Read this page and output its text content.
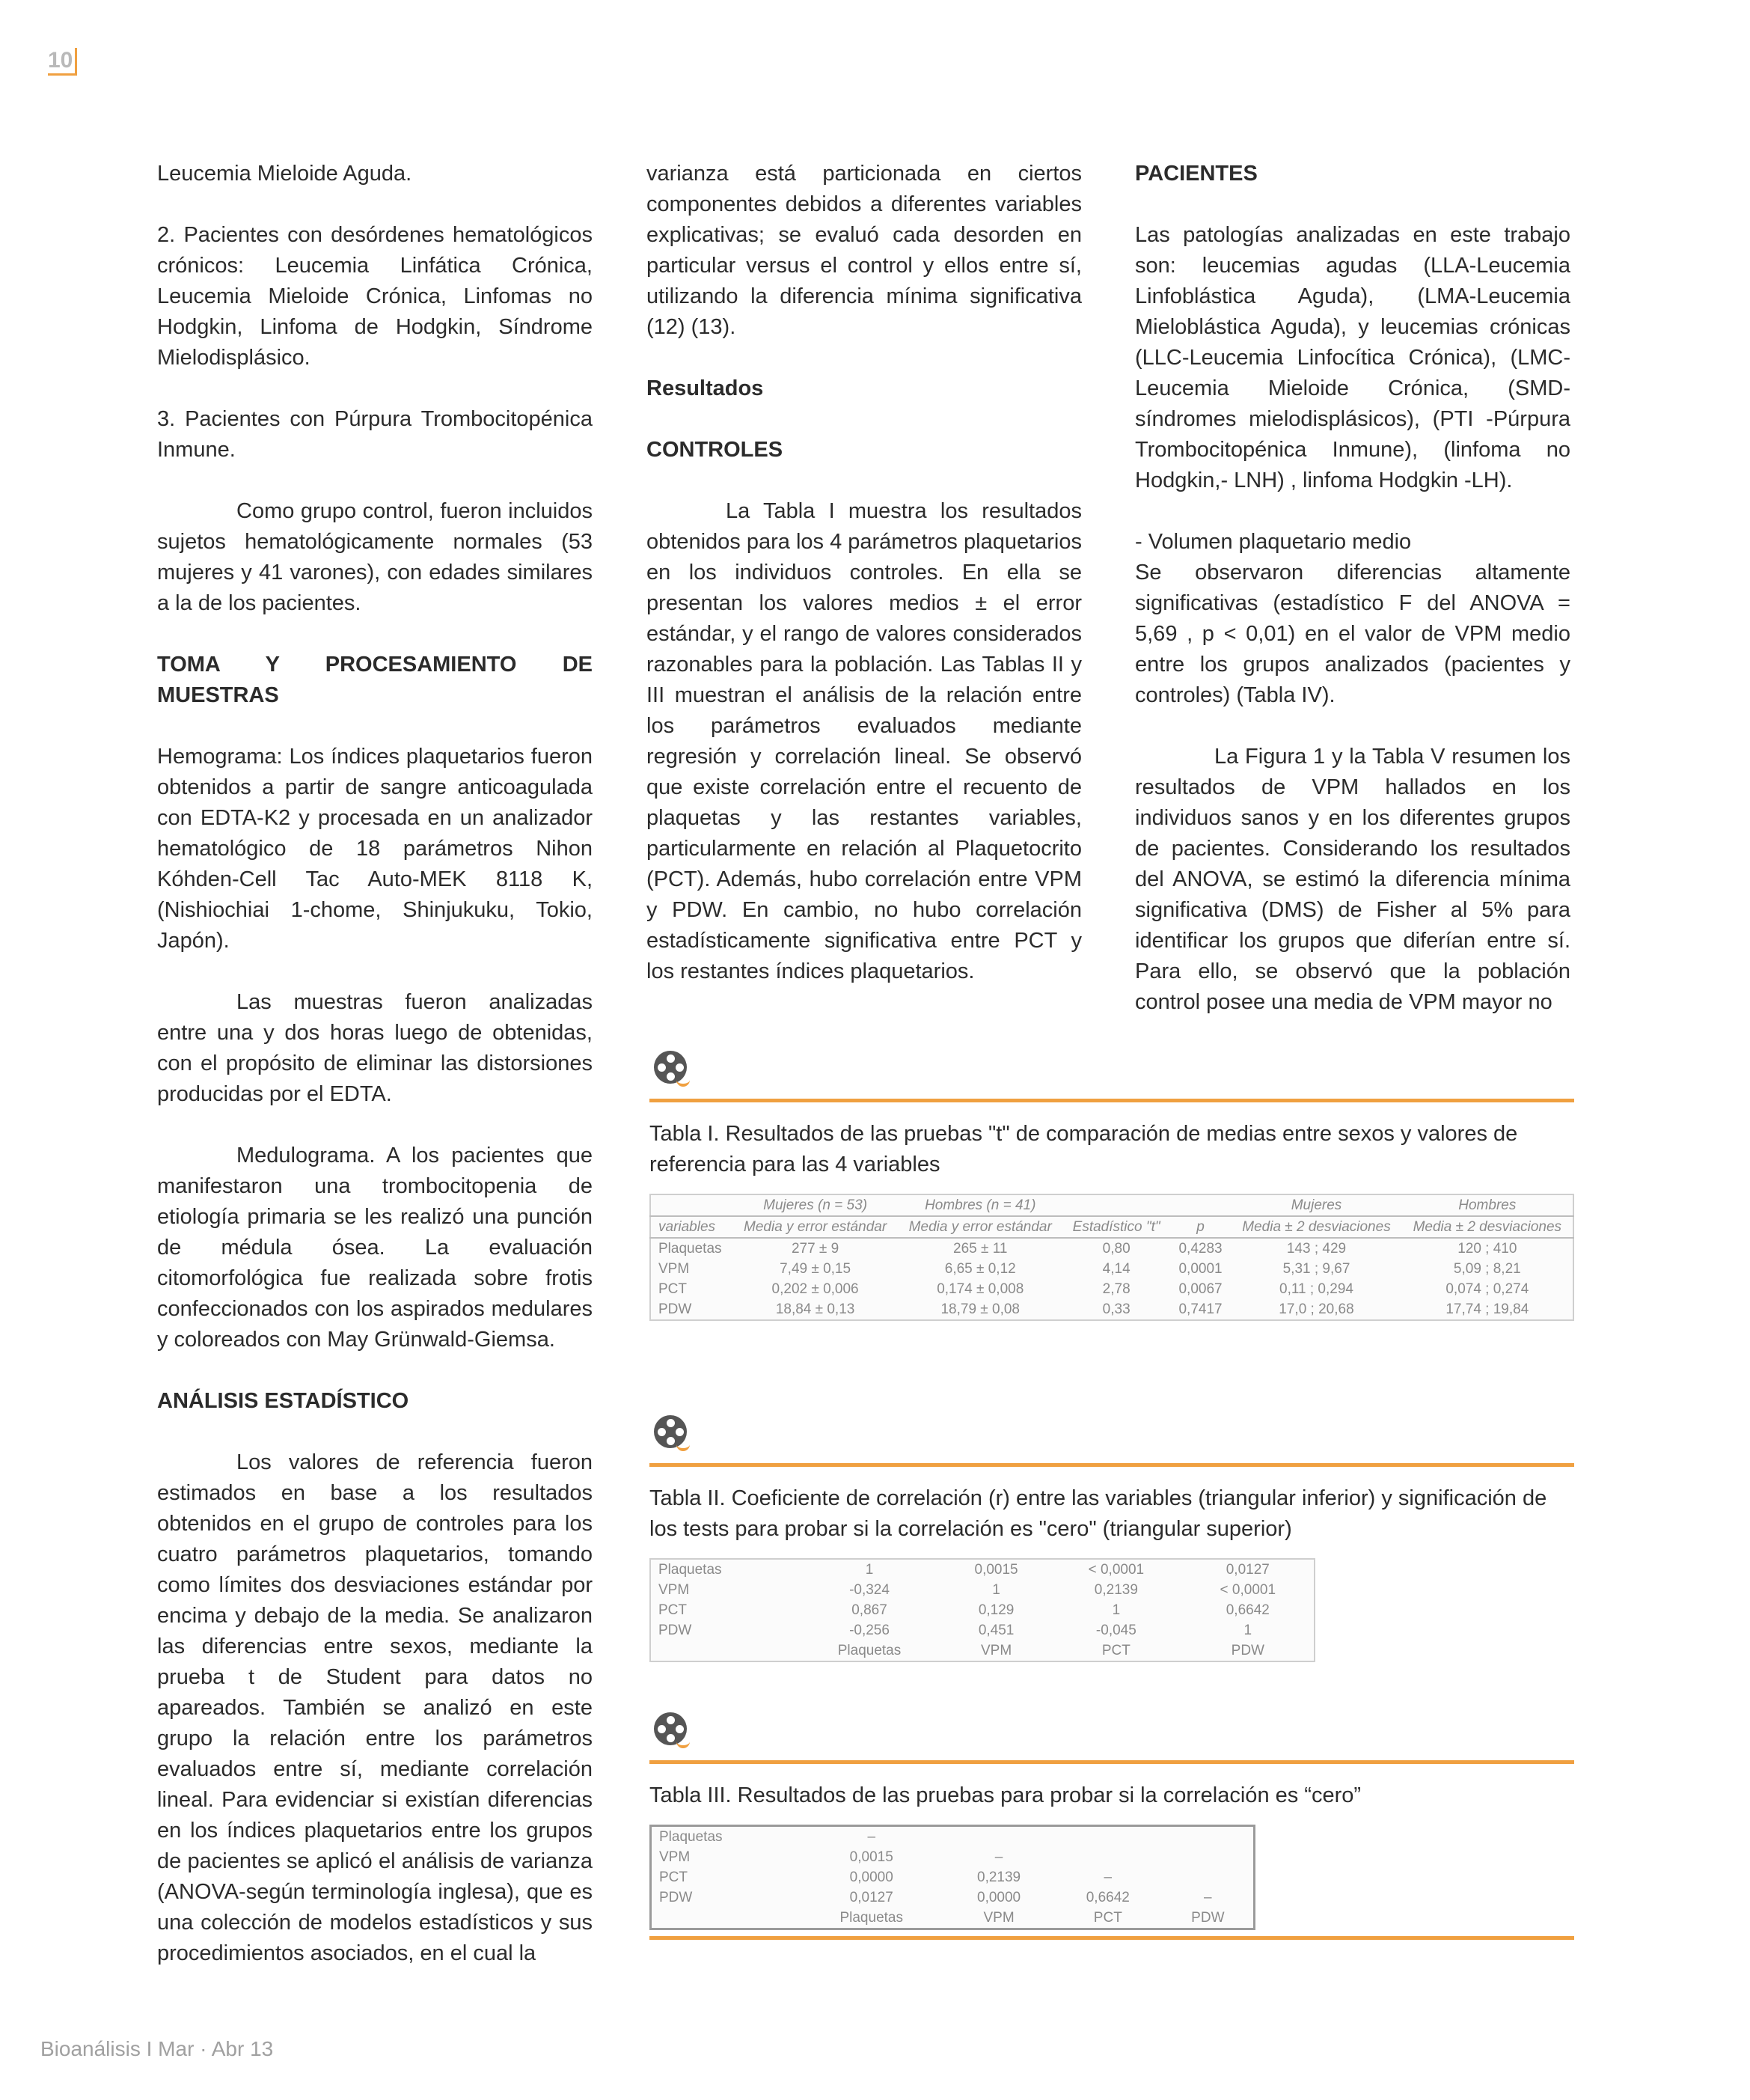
10

Leucemia Mieloide Aguda.

2. Pacientes con desórdenes hematológicos crónicos: Leucemia Linfática Crónica, Leucemia Mieloide Crónica, Linfomas no Hodgkin, Linfoma de Hodgkin, Síndrome Mielodisplásico.

3. Pacientes con Púrpura Trombocitopénica Inmune.

Como grupo control, fueron incluidos sujetos hematológicamente normales (53 mujeres y 41 varones), con edades similares a la de los pacientes.

TOMA Y PROCESAMIENTO DE MUESTRAS

Hemograma: Los índices plaquetarios fueron obtenidos a partir de sangre anticoagulada con EDTA-K2 y procesada en un analizador hematológico de 18 parámetros Nihon Kóhden-Cell Tac Auto-MEK 8118 K, (Nishiochiai 1-chome, Shinjukuku, Tokio, Japón).

Las muestras fueron analizadas entre una y dos horas luego de obtenidas, con el propósito de eliminar las distorsiones producidas por el EDTA.

Medulograma. A los pacientes que manifestaron una trombocitopenia de etiología primaria se les realizó una punción de médula ósea. La evaluación citomorfológica fue realizada sobre frotis confeccionados con los aspirados medulares y coloreados con May Grünwald-Giemsa.

ANÁLISIS ESTADÍSTICO

Los valores de referencia fueron estimados en base a los resultados obtenidos en el grupo de controles para los cuatro parámetros plaquetarios, tomando como límites dos desviaciones estándar por encima y debajo de la media. Se analizaron las diferencias entre sexos, mediante la prueba t de Student para datos no apareados. También se analizó en este grupo la relación entre los parámetros evaluados entre sí, mediante correlación lineal. Para evidenciar si existían diferencias en los índices plaquetarios entre los grupos de pacientes se aplicó el análisis de varianza (ANOVA-según terminología inglesa), que es una colección de modelos estadísticos y sus procedimientos asociados, en el cual la

varianza está particionada en ciertos componentes debidos a diferentes variables explicativas; se evaluó cada desorden en particular versus el control y ellos entre sí, utilizando la diferencia mínima significativa (12) (13).

Resultados
CONTROLES

La Tabla I muestra los resultados obtenidos para los 4 parámetros plaquetarios en los individuos controles. En ella se presentan los valores medios ± el error estándar, y el rango de valores considerados razonables para la población. Las Tablas II y III muestran el análisis de la relación entre los parámetros evaluados mediante regresión y correlación lineal. Se observó que existe correlación entre el recuento de plaquetas y las restantes variables, particularmente en relación al Plaquetocrito (PCT). Además, hubo correlación entre VPM y PDW. En cambio, no hubo correlación estadísticamente significativa entre PCT y los restantes índices plaquetarios.

PACIENTES

Las patologías analizadas en este trabajo son: leucemias agudas (LLA-Leucemia Linfoblástica Aguda), (LMA-Leucemia Mieloblástica Aguda), y leucemias crónicas (LLC-Leucemia Linfocítica Crónica), (LMC-Leucemia Mieloide Crónica, (SMD-síndromes mielodisplásicos), (PTI -Púrpura Trombocitopénica Inmune), (linfoma no Hodgkin,- LNH) , linfoma Hodgkin -LH).

- Volumen plaquetario medio
Se observaron diferencias altamente significativas (estadístico F del ANOVA = 5,69 , p < 0,01) en el valor de VPM medio entre los grupos analizados (pacientes y controles) (Tabla IV).

La Figura 1 y la Tabla V resumen los resultados de VPM hallados en los individuos sanos y en los diferentes grupos de pacientes. Considerando los resultados del ANOVA, se estimó la diferencia mínima significativa (DMS) de Fisher al 5% para identificar los grupos que diferían entre sí. Para ello, se observó que la población control posee una media de VPM mayor no

Tabla I. Resultados de las pruebas "t" de comparación de medias entre sexos y valores de referencia para las 4 variables
	Mujeres (n = 53)	Hombres (n = 41)			Mujeres	Hombres
variables	Media y error estándar	Media y error estándar	Estadístico "t"	p	Media ± 2 desviaciones	Media ± 2 desviaciones
Plaquetas	277 ± 9	265 ± 11	0,80	0,4283	143 ; 429	120 ; 410
VPM	7,49 ± 0,15	6,65 ± 0,12	4,14	0,0001	5,31 ; 9,67	5,09 ; 8,21
PCT	0,202 ± 0,006	0,174 ± 0,008	2,78	0,0067	0,11 ; 0,294	0,074 ; 0,274
PDW	18,84 ± 0,13	18,79 ± 0,08	0,33	0,7417	17,0 ; 20,68	17,74 ; 19,84
Tabla II. Coeficiente de correlación (r) entre las variables (triangular inferior) y significación de los tests para probar si la correlación es "cero" (triangular superior)
Plaquetas	1	0,0015	< 0,0001	0,0127
VPM	-0,324	1	0,2139	< 0,0001
PCT	0,867	0,129	1	0,6642
PDW	-0,256	0,451	-0,045	1
	Plaquetas	VPM	PCT	PDW
Tabla III. Resultados de las pruebas para probar si la correlación es “cero”
Plaquetas	–			
VPM	0,0015	–		
PCT	0,0000	0,2139	–	
PDW	0,0127	0,0000	0,6642	–
	Plaquetas	VPM	PCT	PDW
Bioanálisis I Mar · Abr 13
